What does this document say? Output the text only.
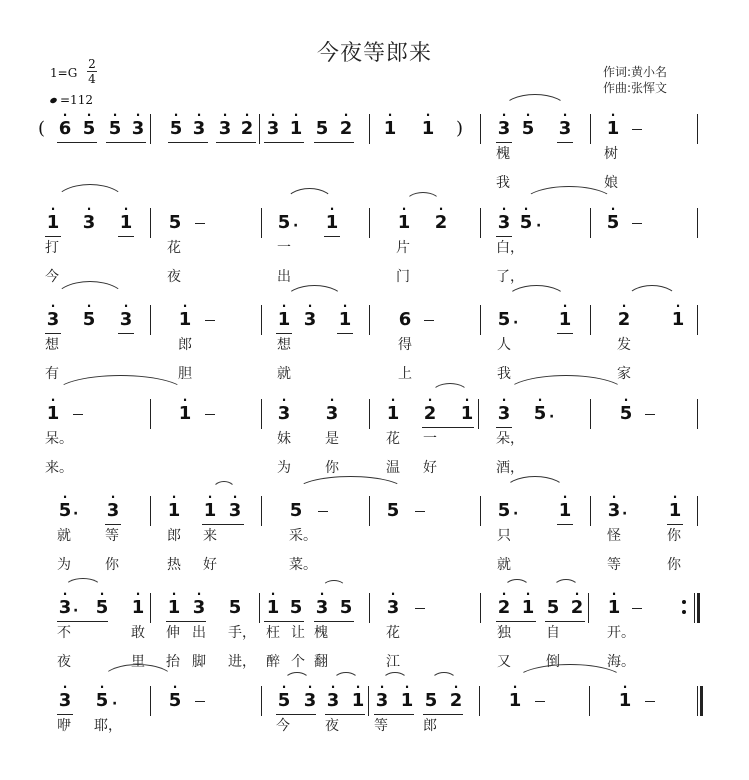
今夜等郎来
作词:黄小名
作曲:张恽文
1=G
2
4
=112
·
6
·
5
·
5
·
3
·
5
·
3
·
3
·
2
·
3
·
1 5
·
2
·
1
·
1
·
3
·
5
·
3
·
1
(	)
槐	树
我	娘
·
1
·
3
·
1 5	5
·
1
·
1
·
2
·
3
·
5
·
5
·	·
打	花	一	片	白，
今	夜	出	门	了，
·
3
·
5
·
3
·
1
·
1
·
3
·
1	6	5
·
1
·
2
·
1
·
想	郎	想	得	人	发
有	胆	就	上	我	家
·
1
·
1
·
3
·
3
·
1
·
2
·
1
·
3
·
5
·
5
·
呆。	妹 是	花 一	朵，
来。	为 你	温 好	酒，
·
5
·
3
·
1
·
1
·
3	5	5	5
·
1
·
3
·
1
·	·	·
就 等	郎 来	采。	只	怪	你
为 你	热 好	菜。	就	等	你
·
3
·
5
·
1
·
1
·
3 5
·
1 5
·
3 5
·
3
·
2
·
1 5
·
2
·
1
·
不	敢 伸 出 手， 枉 让 槐	花	独	自	开。
夜	里 抬 脚 进， 醉 个 翻	江	又	倒	海。
·
3
·
5
·
5
·
5
·
3
·
3
·
1
·
3
·
1 5
·
2
·
1
·
1
·
咿 耶，	今	夜	等	郎
